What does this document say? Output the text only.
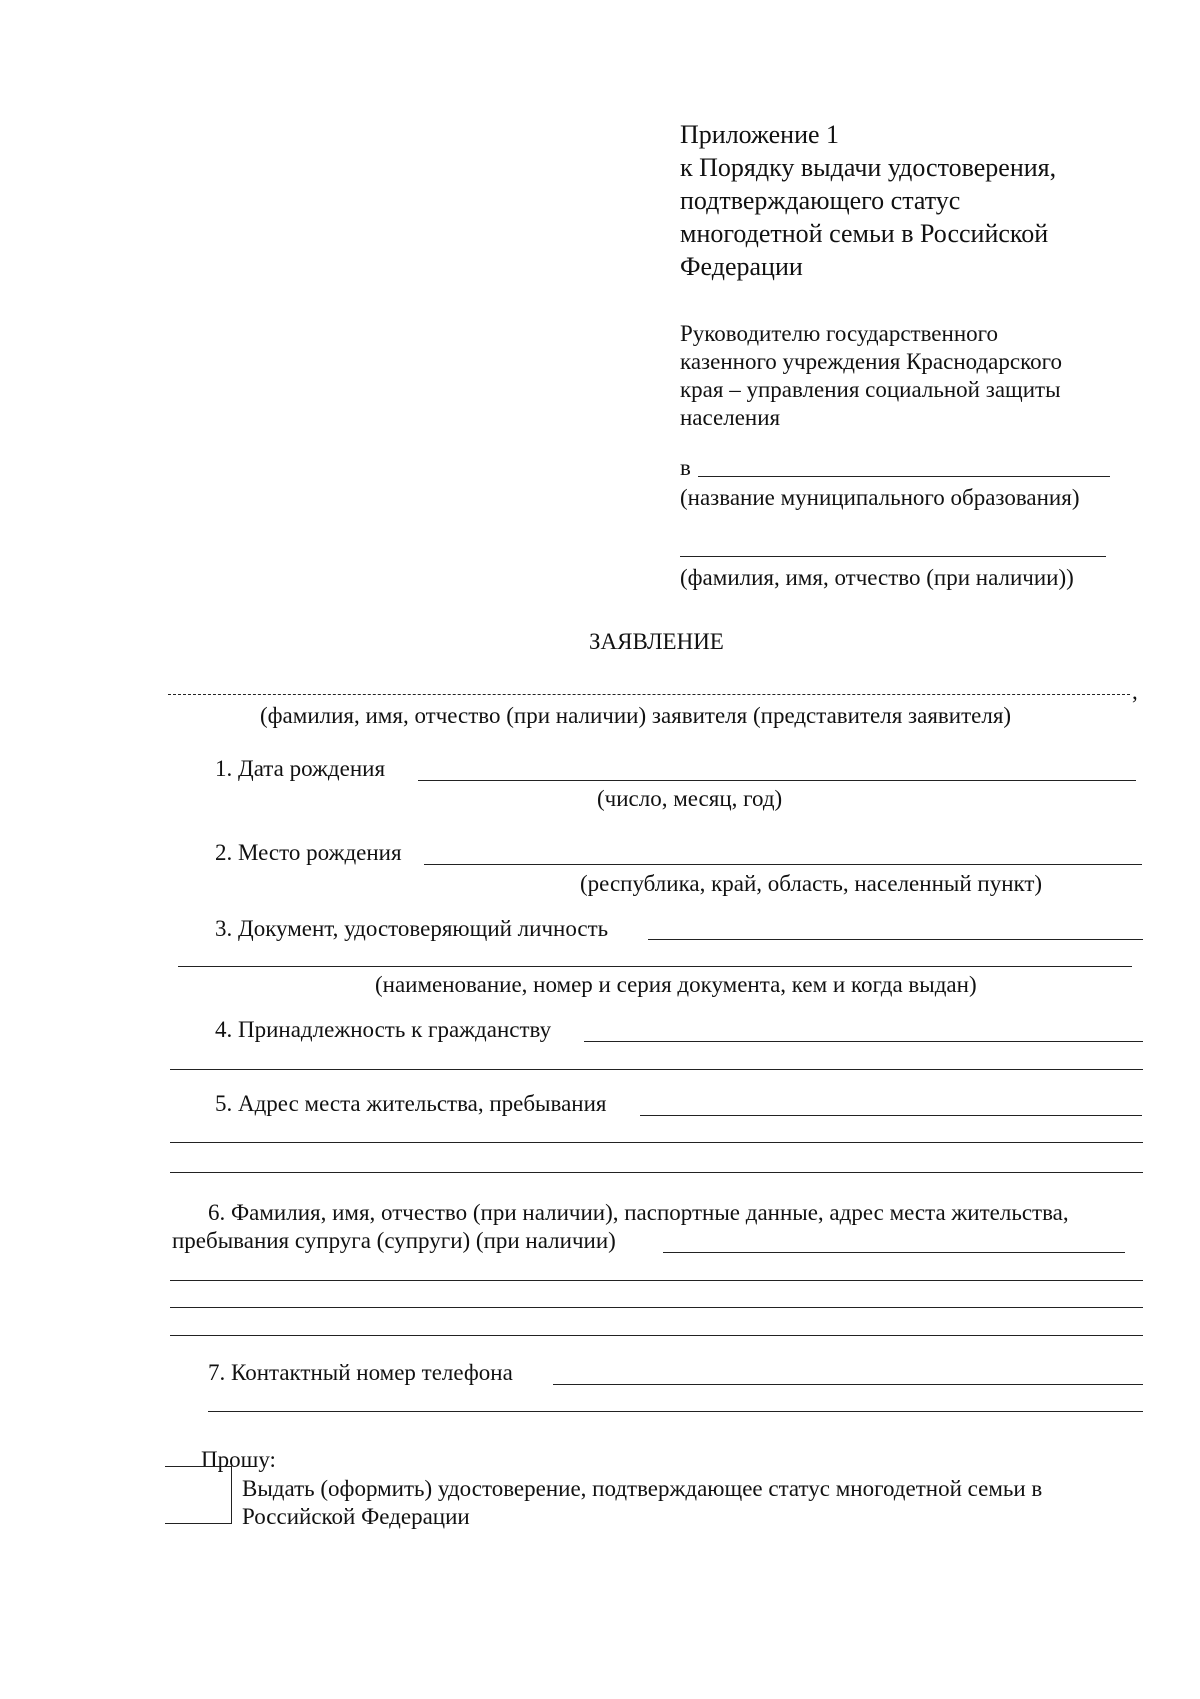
Приложение 1
к Порядку выдачи удостоверения,
подтверждающего статус
многодетной семьи в Российской
Федерации
Руководителю государственного
казенного учреждения Краснодарского
края – управления социальной защиты
населения
в
(название муниципального образования)
(фамилия, имя, отчество (при наличии))
ЗАЯВЛЕНИЕ
,
(фамилия, имя, отчество (при наличии) заявителя (представителя заявителя)
1. Дата рождения
(число, месяц, год)
2. Место рождения
(республика, край, область, населенный пункт)
3. Документ, удостоверяющий личность
(наименование, номер и серия документа, кем и когда выдан)
4. Принадлежность к гражданству
5. Адрес места жительства, пребывания
6. Фамилия, имя, отчество (при наличии), паспортные данные, адрес места жительства,
пребывания супруга (супруги) (при наличии)
7. Контактный номер телефона
Прошу:
Выдать (оформить) удостоверение, подтверждающее статус многодетной семьи в
Российской Федерации
